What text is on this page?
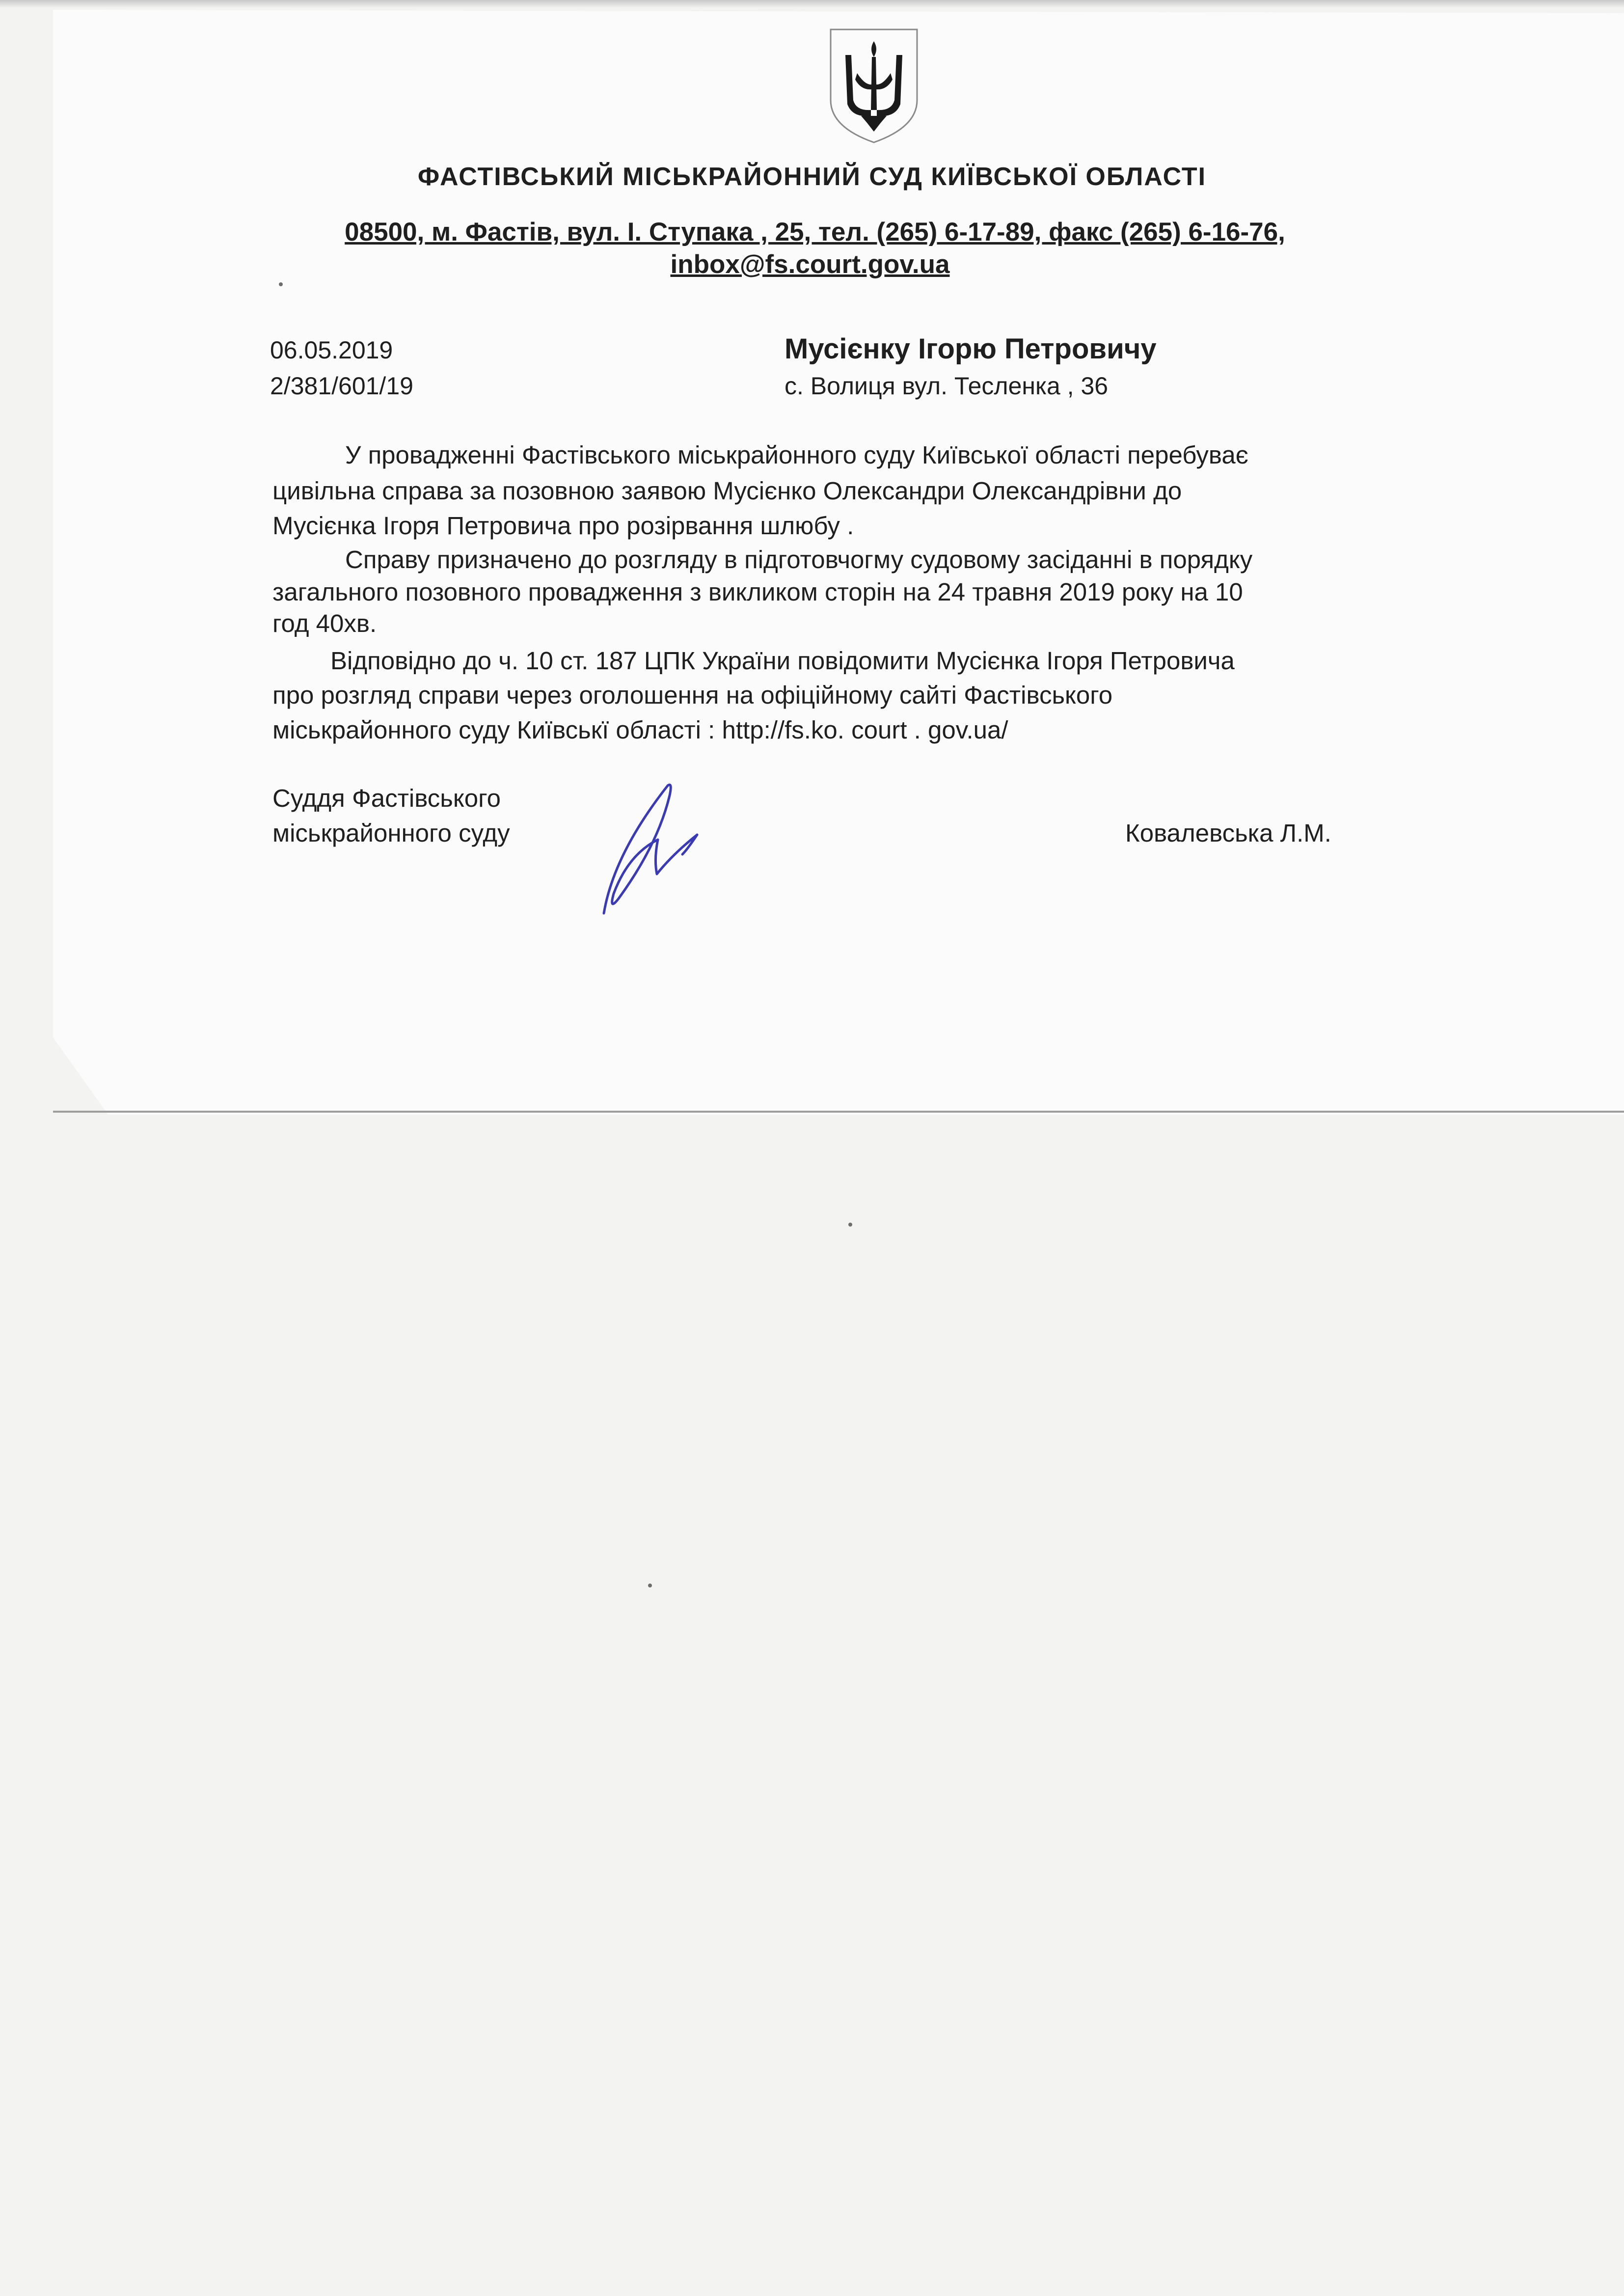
ФАСТІВСЬКИЙ МІСЬКРАЙОННИЙ СУД КИЇВСЬКОЇ ОБЛАСТІ
08500, м. Фастів, вул. І. Ступака , 25, тел. (265) 6-17-89, факс (265) 6-16-76,
inbox@fs.court.gov.ua
06.05.2019
2/381/601/19
Мусієнку Ігорю Петровичу
с. Волиця вул. Тесленка , 36
У провадженні Фастівського міськрайонного суду Київської області перебуває
цивільна справа за позовною заявою Мусієнко Олександри Олександрівни до
Мусієнка Ігоря Петровича про розірвання шлюбу .
Справу призначено до розгляду в підготовчогму судовому засіданні в порядку
загального позовного провадження з викликом сторін на 24 травня 2019 року на 10
год 40хв.
Відповідно до ч. 10 ст. 187 ЦПК України повідомити Мусієнка Ігоря Петровича
про розгляд справи через оголошення на офіційному сайті Фастівського
міськрайонного суду Київськї області : http://fs.ko. court . gov.ua/
Суддя Фастівського
міськрайонного суду	Ковалевська Л.М.
